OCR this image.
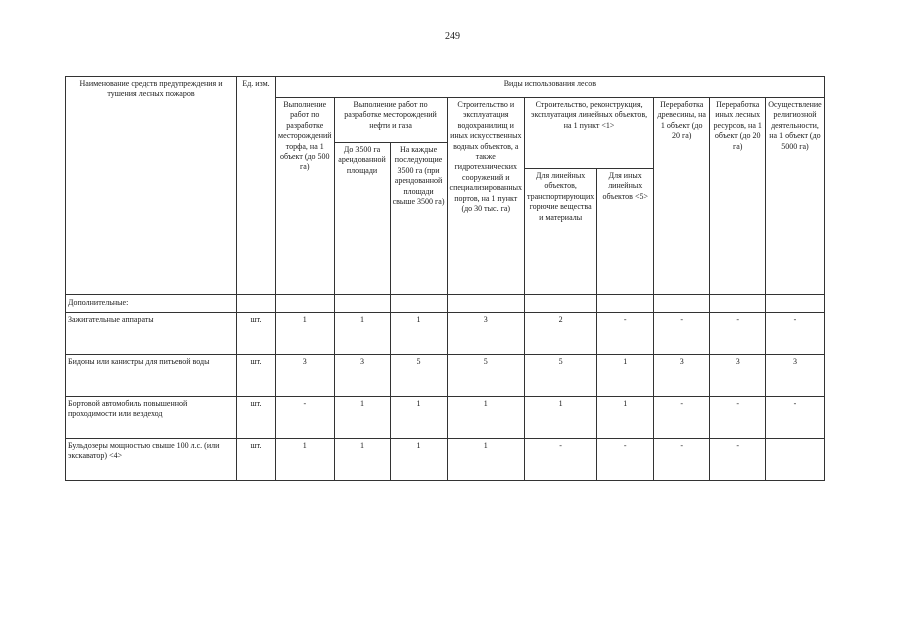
249
Наименование средств предупреждения и тушения лесных пожаров	Ед. изм.	Виды использования лесов								
		Выполнение работ по разработке месторождений торфа, на 1 объект (до 500 га)	Выполнение работ по разработке месторождений нефти и газа		Строительство и эксплуатация водохранилищ и иных искусственных водных объектов, а также гидротехнических сооружений и специализированных портов, на 1 пункт (до 30 тыс. га)	Строительство, реконструкция, эксплуатация линейных объектов, на 1 пункт <1>		Переработка древесины, на 1 объект (до 20 га)	Переработка иных лесных ресурсов, на 1 объект (до 20 га)	Осуществление религиозной деятельности, на 1 объект (до 5000 га)
			До 3500 га арендованной площади	На каждые последующие 3500 га (при арендованной площади свыше 3500 га)						
						Для линейных объектов, транспортирующих горючие вещества и материалы	Для иных линейных объектов <5>			
Дополнительные:										
Зажигательные аппараты	шт.	1	1	1	3	2	-	-	-	-
Бидоны или канистры для питьевой воды	шт.	3	3	5	5	5	1	3	3	3
Бортовой автомобиль повышенной проходимости или вездеход	шт.	-	1	1	1	1	1	-	-	-
Бульдозеры мощностью свыше 100 л.с. (или экскаватор) <4>	шт.	1	1	1	1	-	-	-	-	
